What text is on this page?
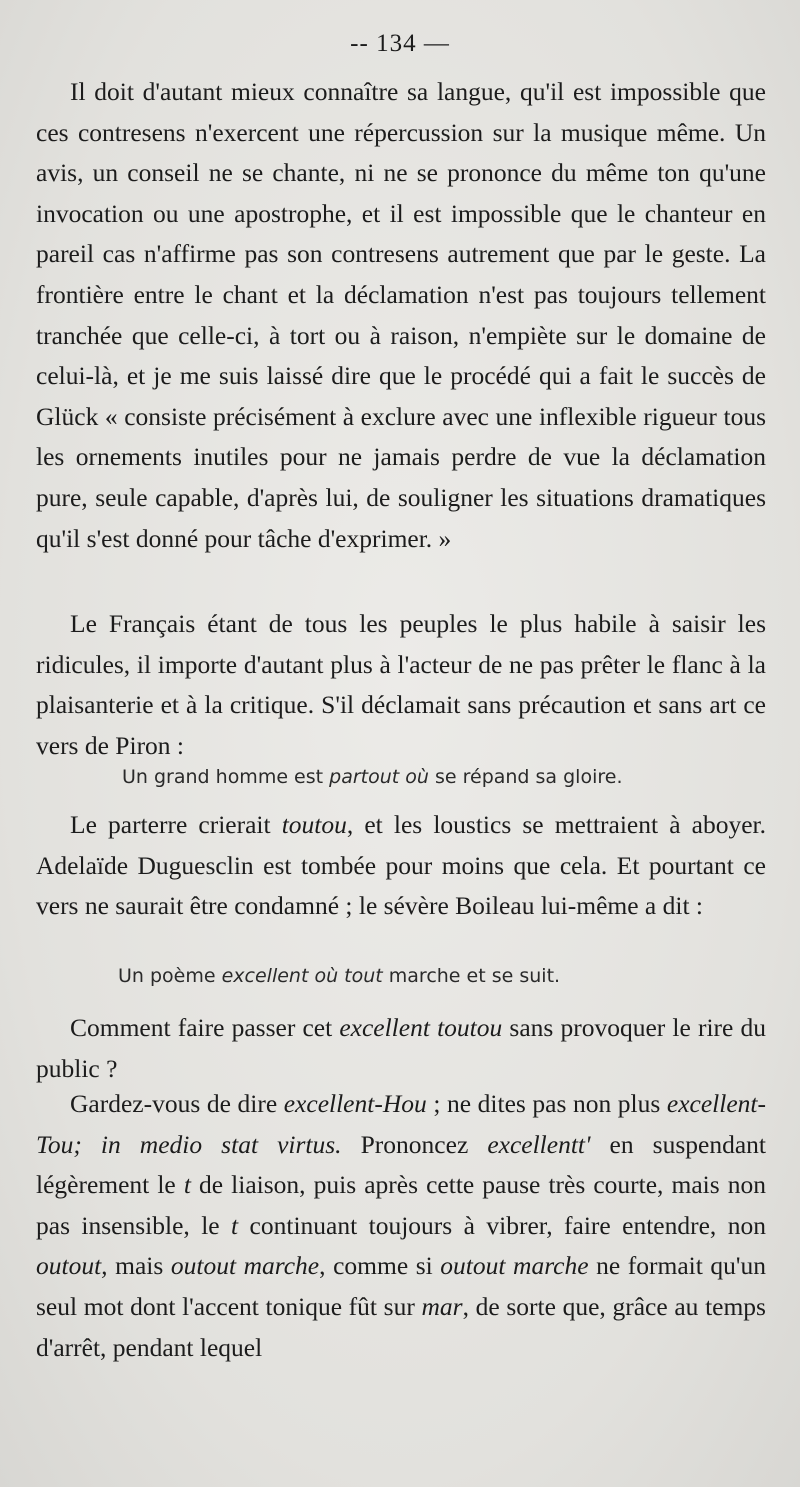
-- 134 —

Il doit d'autant mieux connaître sa langue, qu'il est impossible que ces contresens n'exercent une répercussion sur la musique même. Un avis, un conseil ne se chante, ni ne se prononce du même ton qu'une invocation ou une apostrophe, et il est impossible que le chanteur en pareil cas n'affirme pas son contresens autrement que par le geste. La frontière entre le chant et la déclamation n'est pas toujours tellement tranchée que celle-ci, à tort ou à raison, n'empiète sur le domaine de celui-là, et je me suis laissé dire que le procédé qui a fait le succès de Glück « consiste précisément à exclure avec une inflexible rigueur tous les ornements inutiles pour ne jamais perdre de vue la déclamation pure, seule capable, d'après lui, de souligner les situations dramatiques qu'il s'est donné pour tâche d'exprimer. »

Le Français étant de tous les peuples le plus habile à saisir les ridicules, il importe d'autant plus à l'acteur de ne pas prêter le flanc à la plaisanterie et à la critique. S'il déclamait sans précaution et sans art ce vers de Piron :

Un grand homme est partout où se répand sa gloire.

Le parterre crierait toutou, et les loustics se mettraient à aboyer. Adelaïde Duguesclin est tombée pour moins que cela. Et pourtant ce vers ne saurait être condamné ; le sévère Boileau lui-même a dit :

Un poème excellent où tout marche et se suit.

Comment faire passer cet excellent toutou sans provoquer le rire du public ?

Gardez-vous de dire excellent-Hou ; ne dites pas non plus excellent-Tou; in medio stat virtus. Prononcez excellentt' en suspendant légèrement le t de liaison, puis après cette pause très courte, mais non pas insensible, le t continuant toujours à vibrer, faire entendre, non outout, mais outout marche, comme si outout marche ne formait qu'un seul mot dont l'accent tonique fût sur mar, de sorte que, grâce au temps d'arrêt, pendant lequel
